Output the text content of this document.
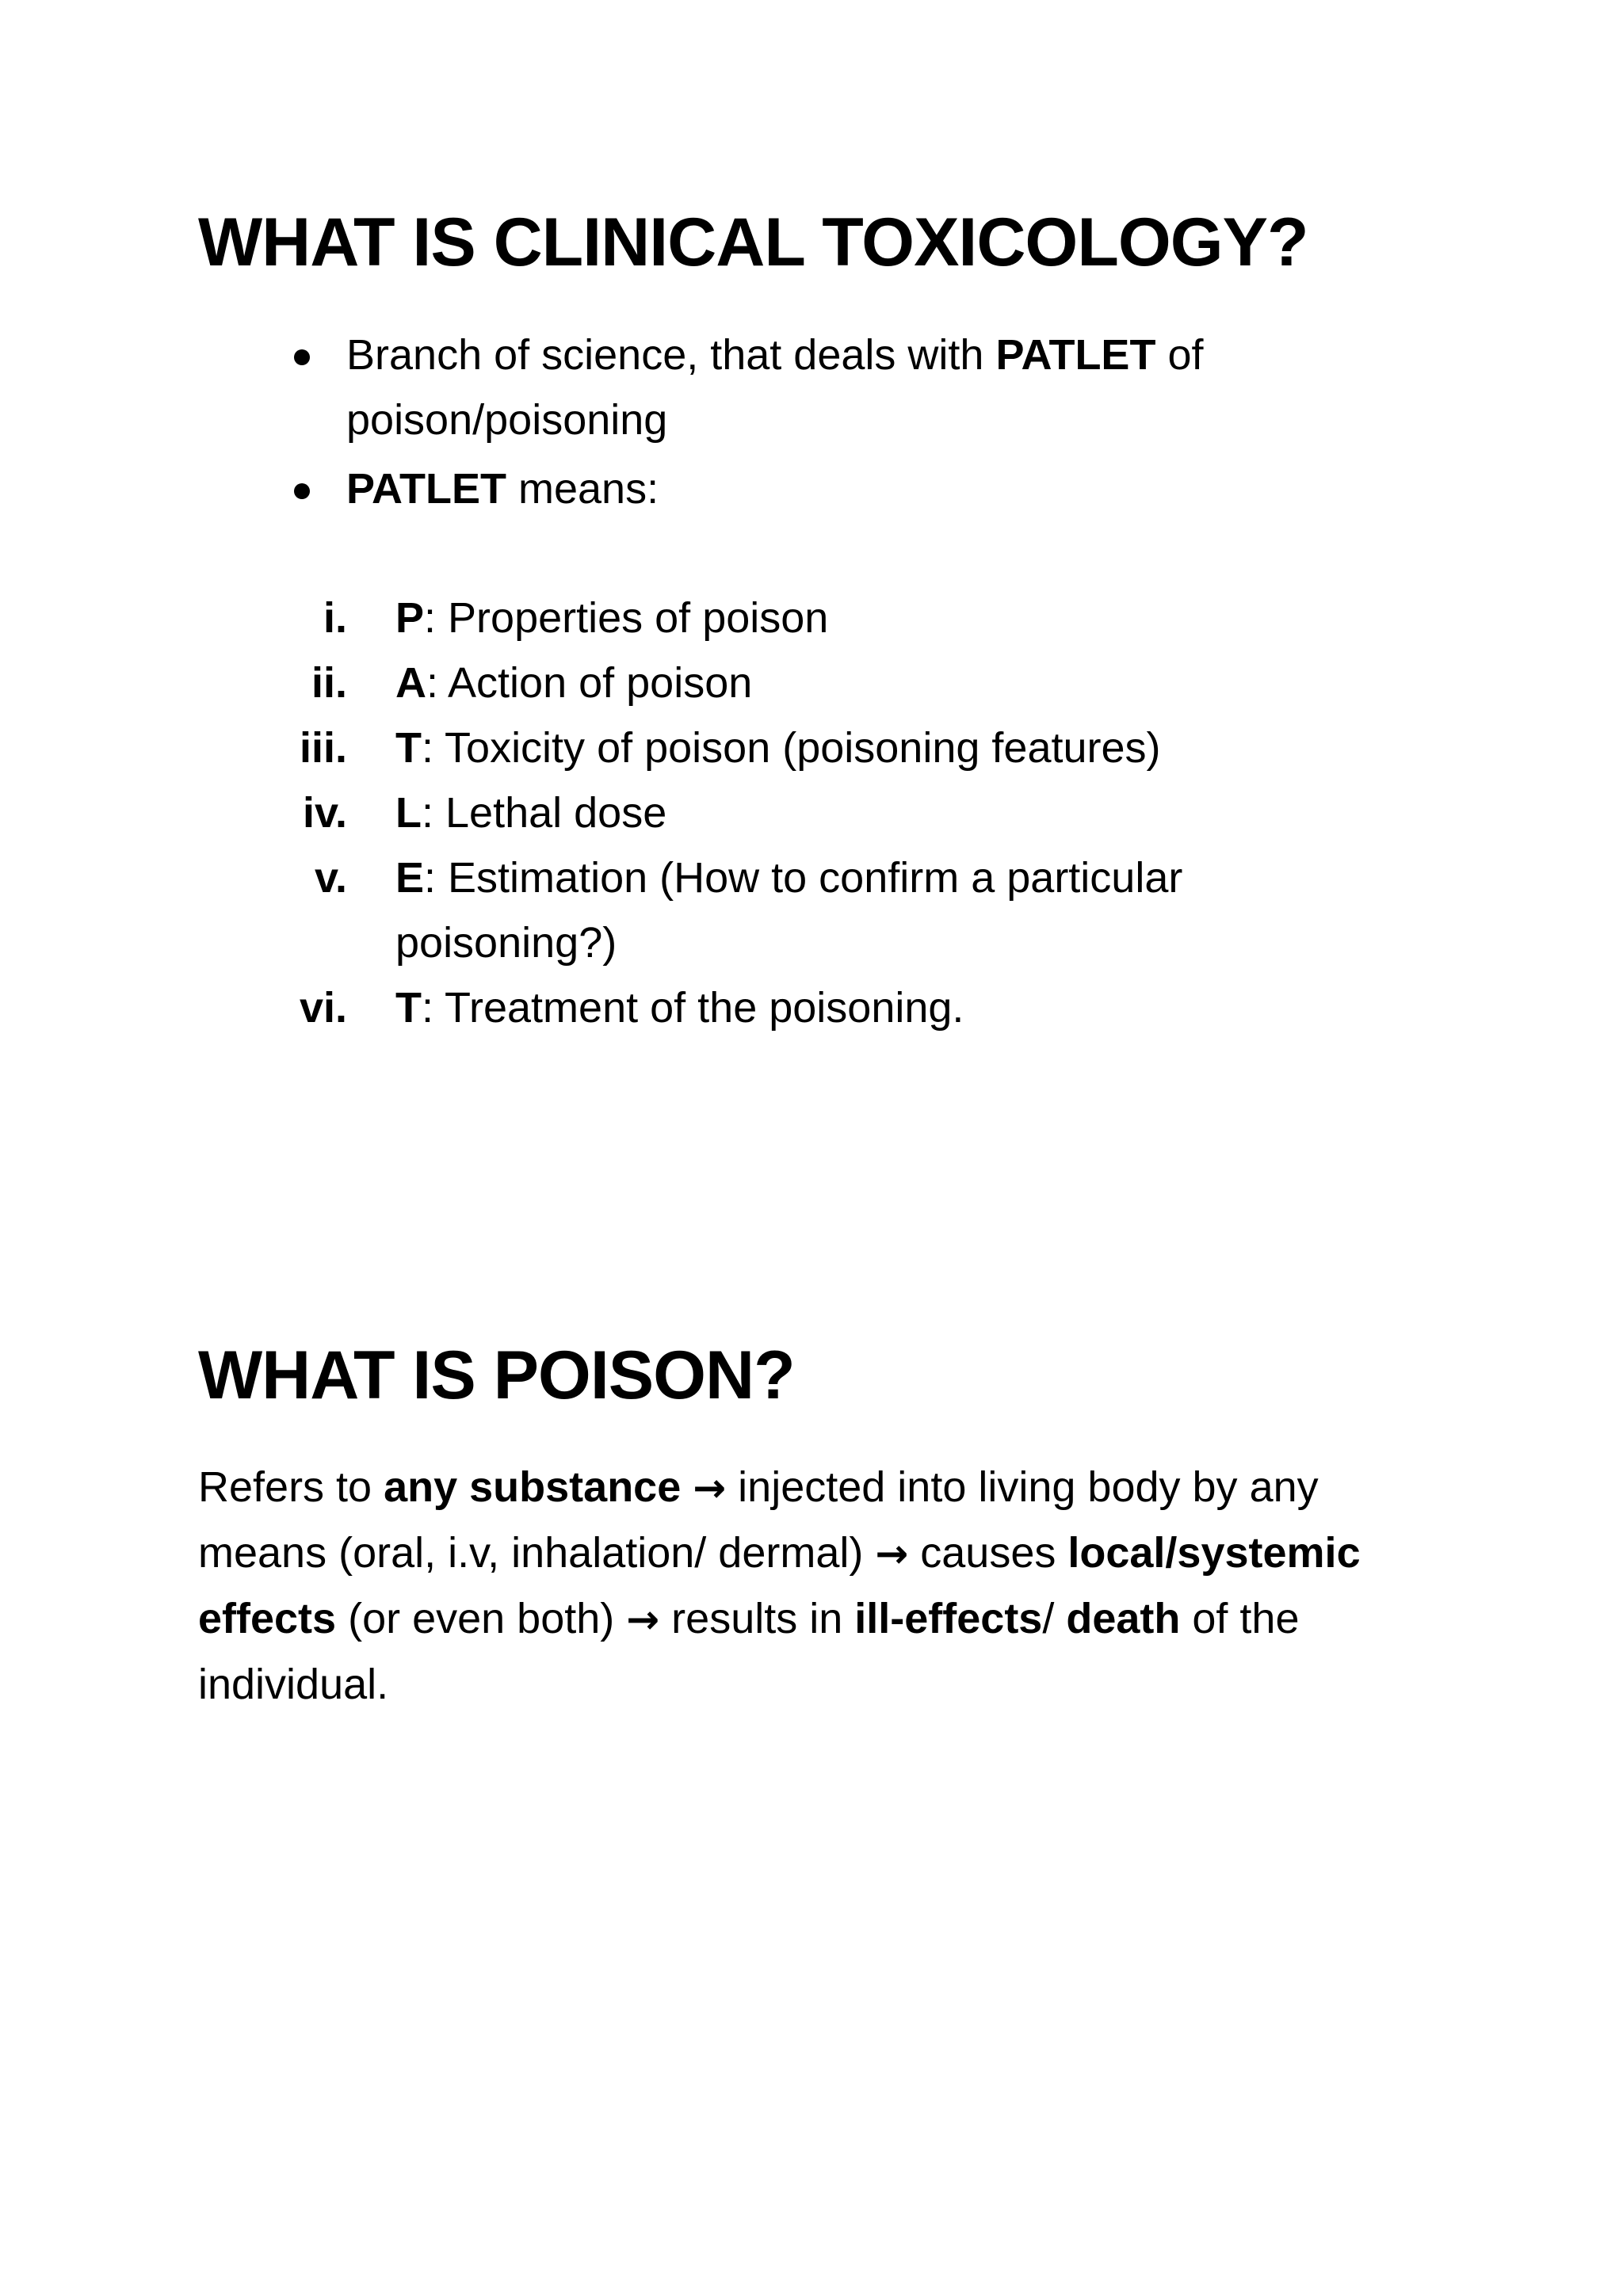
WHAT IS CLINICAL TOXICOLOGY?
Branch of science, that deals with PATLET of
poison/poisoning
PATLET means:
i. P: Properties of poison
ii. A: Action of poison
iii. T: Toxicity of poison (poisoning features)
iv. L: Lethal dose
v. E: Estimation (How to confirm a particular
poisoning?)
vi. T: Treatment of the poisoning.
WHAT IS POISON?
Refers to any substance → injected into living body by any
means (oral, i.v, inhalation/ dermal) → causes local/systemic
effects (or even both) → results in ill-effects/ death of the
individual.
